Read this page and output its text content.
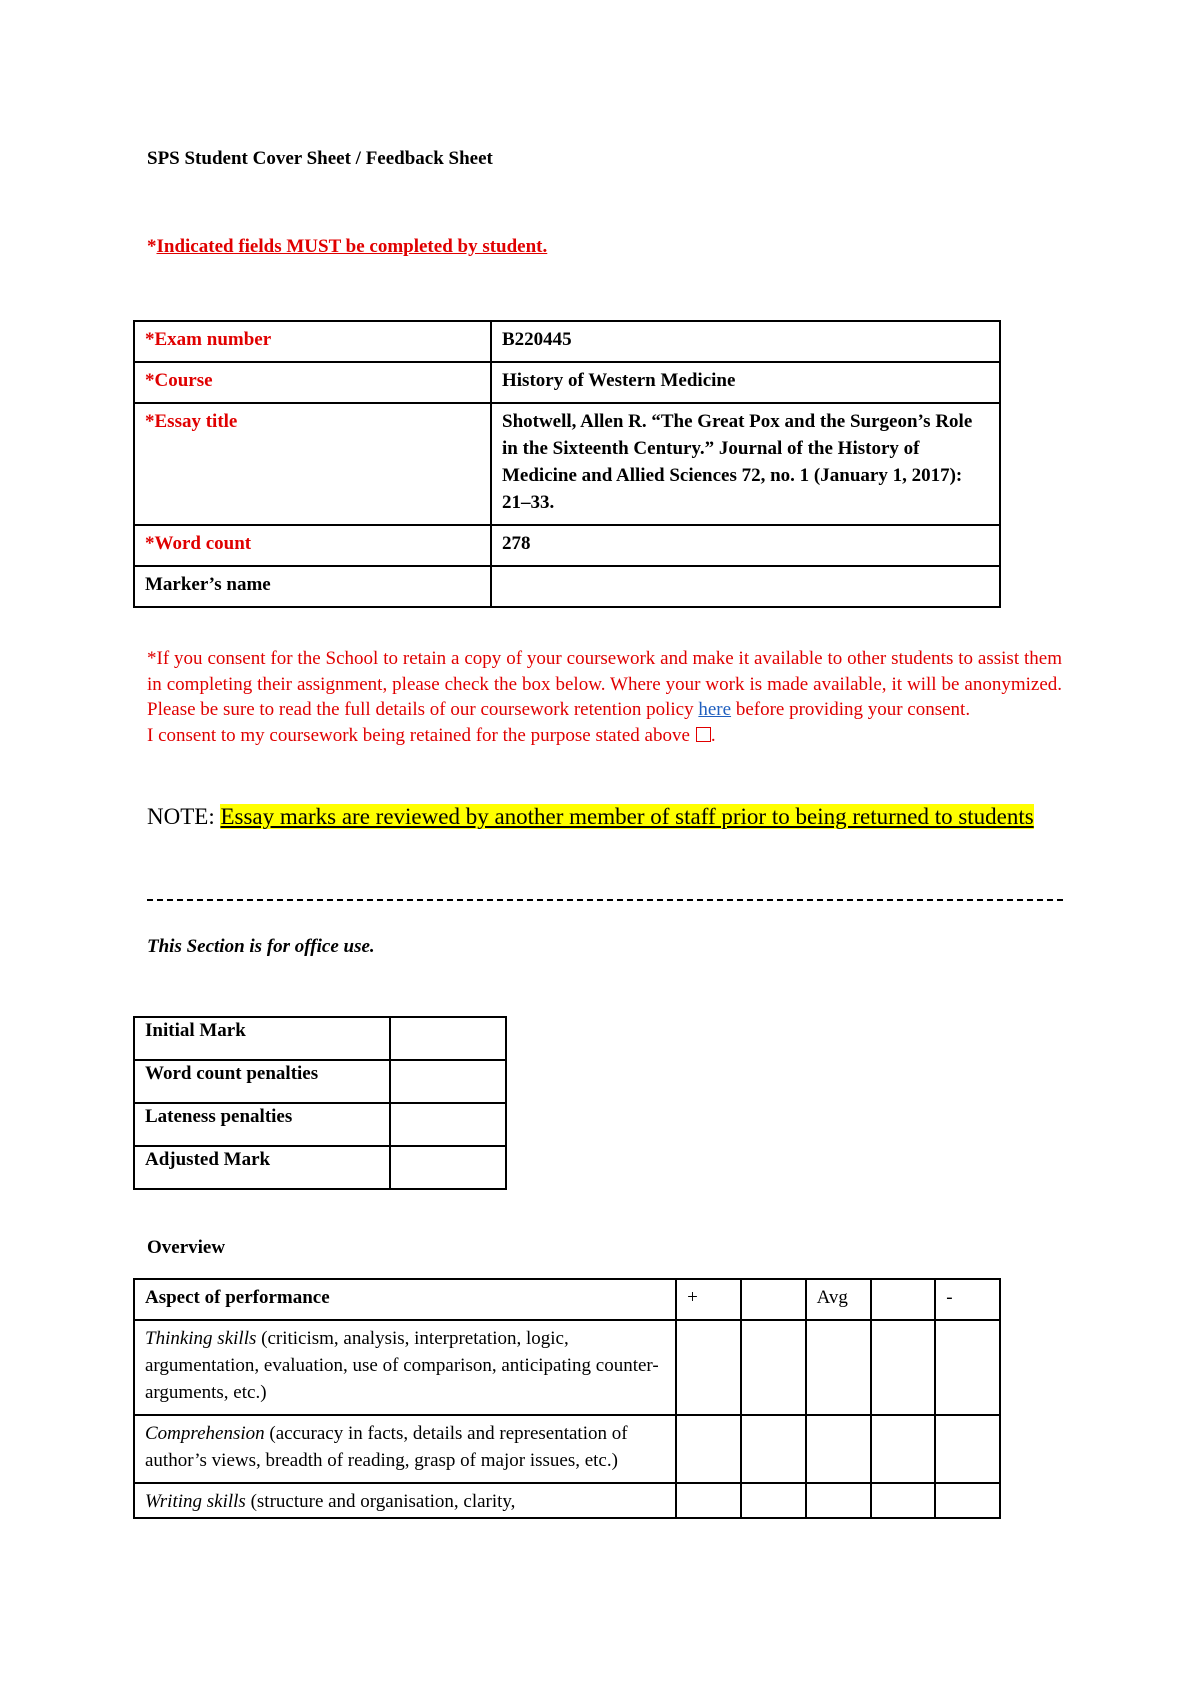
SPS Student Cover Sheet / Feedback Sheet
*Indicated fields MUST be completed by student.
*Exam number	B220445
*Course	History of Western Medicine
*Essay title	Shotwell, Allen R. “The Great Pox and the Surgeon’s Role in the Sixteenth Century.” Journal of the History of Medicine and Allied Sciences 72, no. 1 (January 1, 2017): 21–33.
*Word count	278
Marker’s name	
*If you consent for the School to retain a copy of your coursework and make it available to other students to assist them in completing their assignment, please check the box below. Where your work is made available, it will be anonymized. Please be sure to read the full details of our coursework retention policy here before providing your consent.
I consent to my coursework being retained for the purpose stated above .
NOTE: Essay marks are reviewed by another member of staff prior to being returned to students
This Section is for office use.
Initial Mark	
Word count penalties	
Lateness penalties	
Adjusted Mark	
Overview
Aspect of performance	+		Avg		-
Thinking skills (criticism, analysis, interpretation, logic, argumentation, evaluation, use of comparison, anticipating counter-arguments, etc.)					
Comprehension (accuracy in facts, details and representation of author’s views, breadth of reading, grasp of major issues, etc.)					
Writing skills (structure and organisation, clarity,					
